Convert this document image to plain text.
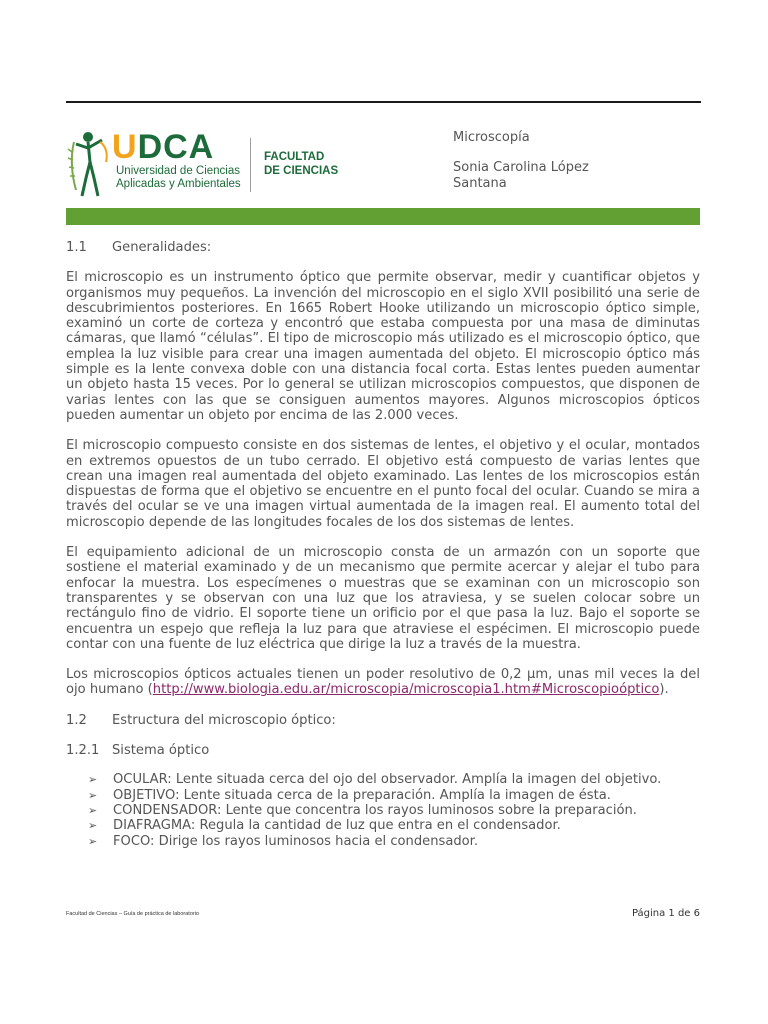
UDCA
Universidad de Ciencias
Aplicadas y Ambientales
FACULTAD
DE CIENCIAS
Microscopía
Sonia Carolina López
Santana
1.1	Generalidades:

El microscopio es un instrumento óptico que permite observar, medir y cuantificar objetos y organismos muy pequeños. La invención del microscopio en el siglo XVII posibilitó una serie de descubrimientos posteriores. En 1665 Robert Hooke utilizando un microscopio óptico simple, examinó un corte de corteza y encontró que estaba compuesta por una masa de diminutas cámaras, que llamó “células”. El tipo de microscopio más utilizado es el microscopio óptico, que emplea la luz visible para crear una imagen aumentada del objeto. El microscopio óptico más simple es la lente convexa doble con una distancia focal corta. Estas lentes pueden aumentar un objeto hasta 15 veces. Por lo general se utilizan microscopios compuestos, que disponen de varias lentes con las que se consiguen aumentos mayores. Algunos microscopios ópticos pueden aumentar un objeto por encima de las 2.000 veces.

El microscopio compuesto consiste en dos sistemas de lentes, el objetivo y el ocular, montados en extremos opuestos de un tubo cerrado. El objetivo está compuesto de varias lentes que crean una imagen real aumentada del objeto examinado. Las lentes de los microscopios están dispuestas de forma que el objetivo se encuentre en el punto focal del ocular. Cuando se mira a través del ocular se ve una imagen virtual aumentada de la imagen real. El aumento total del microscopio depende de las longitudes focales de los dos sistemas de lentes.

El equipamiento adicional de un microscopio consta de un armazón con un soporte que sostiene el material examinado y de un mecanismo que permite acercar y alejar el tubo para enfocar la muestra. Los especímenes o muestras que se examinan con un microscopio son transparentes y se observan con una luz que los atraviesa, y se suelen colocar sobre un rectángulo fino de vidrio. El soporte tiene un orificio por el que pasa la luz. Bajo el soporte se encuentra un espejo que refleja la luz para que atraviese el espécimen. El microscopio puede contar con una fuente de luz eléctrica que dirige la luz a través de la muestra.

Los microscopios ópticos actuales tienen un poder resolutivo de 0,2 µm, unas mil veces la del ojo humano (http://www.biologia.edu.ar/microscopia/microscopia1.htm#Microscopioóptico).

1.2	Estructura del microscopio óptico:
1.2.1 Sistema óptico
➢ OCULAR: Lente situada cerca del ojo del observador. Amplía la imagen del objetivo.
➢ OBJETIVO: Lente situada cerca de la preparación. Amplía la imagen de ésta.
➢ CONDENSADOR: Lente que concentra los rayos luminosos sobre la preparación.
➢ DIAFRAGMA: Regula la cantidad de luz que entra en el condensador.
➢ FOCO: Dirige los rayos luminosos hacia el condensador.
Facultad de Ciencias – Guía de práctica de laboratorio	Página 1 de 6
